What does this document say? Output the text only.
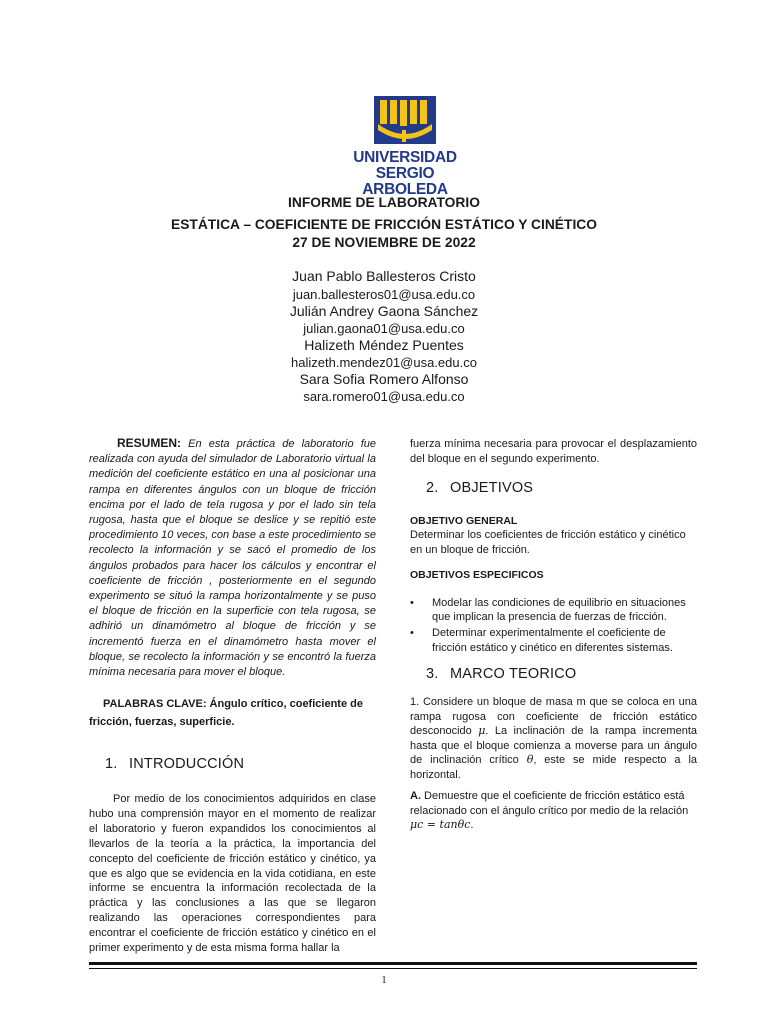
UNIVERSIDAD
SERGIO ARBOLEDA
INFORME DE LABORATORIO
ESTÁTICA – COEFICIENTE DE FRICCIÓN ESTÁTICO Y CINÉTICO
27 DE NOVIEMBRE DE 2022
Juan Pablo Ballesteros Cristo
juan.ballesteros01@usa.edu.co
Julián Andrey Gaona Sánchez
julian.gaona01@usa.edu.co
Halizeth Méndez Puentes
halizeth.mendez01@usa.edu.co
Sara Sofia Romero Alfonso
sara.romero01@usa.edu.co
RESUMEN: En esta práctica de laboratorio fue realizada con ayuda del simulador de Laboratorio virtual la medición del coeficiente estático en una al posicionar una rampa en diferentes ángulos con un bloque de fricción encima por el lado de tela rugosa y por el lado sin tela rugosa, hasta que el bloque se deslice y se repitió este procedimiento 10 veces, con base a este procedimiento se recolecto la información y se sacó el promedio de los ángulos probados para hacer los cálculos y encontrar el coeficiente de fricción , posteriormente en el segundo experimento se situó la rampa horizontalmente y se puso el bloque de fricción en la superficie con tela rugosa, se adhirió un dinamómetro al bloque de fricción y se incrementó fuerza en el dinamómetro hasta mover el bloque, se recolecto la información y se encontró la fuerza mínima necesaria para mover el bloque.
PALABRAS CLAVE: Ángulo crítico, coeficiente de fricción, fuerzas, superficie.
1. INTRODUCCIÓN
Por medio de los conocimientos adquiridos en clase hubo una comprensión mayor en el momento de realizar el laboratorio y fueron expandidos los conocimientos al llevarlos de la teoría a la práctica, la importancia del concepto del coeficiente de fricción estático y cinético, ya que es algo que se evidencia en la vida cotidiana, en este informe se encuentra la información recolectada de la práctica y las conclusiones a las que se llegaron realizando las operaciones correspondientes para encontrar el coeficiente de fricción estático y cinético en el primer experimento y de esta misma forma hallar la
fuerza mínima necesaria para provocar el desplazamiento del bloque en el segundo experimento.
2. OBJETIVOS
OBJETIVO GENERAL
Determinar los coeficientes de fricción estático y cinético en un bloque de fricción.
OBJETIVOS ESPECIFICOS
• Modelar las condiciones de equilibrio en situaciones que implican la presencia de fuerzas de fricción.
• Determinar experimentalmente el coeficiente de fricción estático y cinético en diferentes sistemas.
3. MARCO TEORICO
1. Considere un bloque de masa m que se coloca en una rampa rugosa con coeficiente de fricción estático desconocido μ. La inclinación de la rampa incrementa hasta que el bloque comienza a moverse para un ángulo de inclinación crítico θ, este se mide respecto a la horizontal.
A. Demuestre que el coeficiente de fricción estático está relacionado con el ángulo crítico por medio de la relación μc = tanθc.
1
